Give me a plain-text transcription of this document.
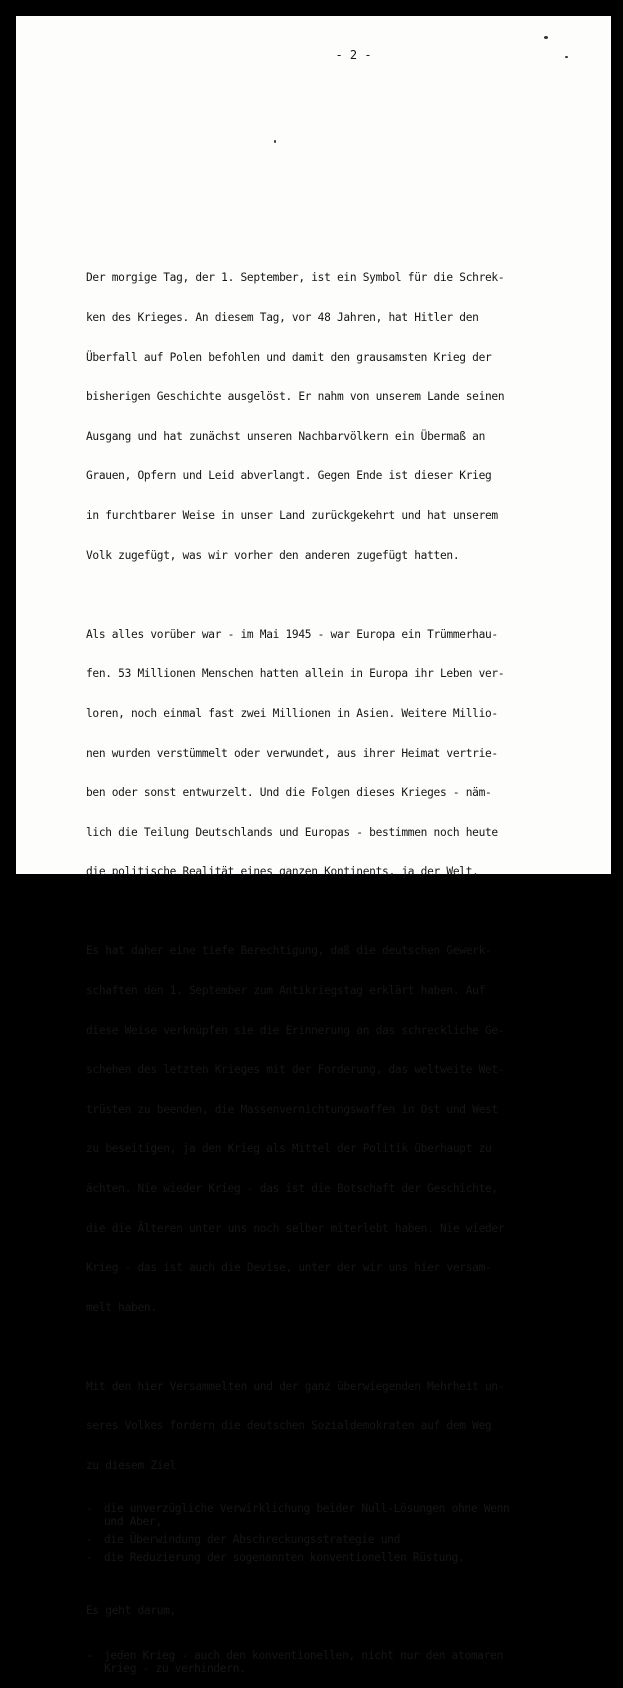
- 2 -

Der morgige Tag, der 1. September, ist ein Symbol für die Schrek-

ken des Krieges. An diesem Tag, vor 48 Jahren, hat Hitler den

Überfall auf Polen befohlen und damit den grausamsten Krieg der

bisherigen Geschichte ausgelöst. Er nahm von unserem Lande seinen

Ausgang und hat zunächst unseren Nachbarvölkern ein Übermaß an

Grauen, Opfern und Leid abverlangt. Gegen Ende ist dieser Krieg

in furchtbarer Weise in unser Land zurückgekehrt und hat unserem

Volk zugefügt, was wir vorher den anderen zugefügt hatten.

Als alles vorüber war - im Mai 1945 - war Europa ein Trümmerhau-

fen. 53 Millionen Menschen hatten allein in Europa ihr Leben ver-

loren, noch einmal fast zwei Millionen in Asien. Weitere Millio-

nen wurden verstümmelt oder verwundet, aus ihrer Heimat vertrie-

ben oder sonst entwurzelt. Und die Folgen dieses Krieges - näm-

lich die Teilung Deutschlands und Europas - bestimmen noch heute

die politische Realität eines ganzen Kontinents, ja der Welt.

Es hat daher eine tiefe Berechtigung, daß die deutschen Gewerk-

schaften den 1. September zum Antikriegstag erklärt haben. Auf

diese Weise verknüpfen sie die Erinnerung an das schreckliche Ge-

schehen des letzten Krieges mit der Forderung, das weltweite Wet-

trüsten zu beenden, die Massenvernichtungswaffen in Ost und West

zu beseitigen, ja den Krieg als Mittel der Politik überhaupt zu

ächten. Nie wieder Krieg - das ist die Botschaft der Geschichte,

die die Älteren unter uns noch selber miterlebt haben. Nie wieder

Krieg - das ist auch die Devise, unter der wir uns hier versam-

melt haben.

Mit den hier Versammelten und der ganz überwiegenden Mehrheit un-

seres Volkes fordern die deutschen Sozialdemokraten auf dem Weg

zu diesem Ziel

- die unverzügliche Verwirklichung beider Null-Lösungen ohne Wenn
und Aber,
- die Überwindung der Abschreckungsstrategie und
- die Reduzierung der sogenannten konventionellen Rüstung.

Es geht darum,

- jeden Krieg - auch den konventionellen, nicht nur den atomaren
Krieg - zu verhindern.
